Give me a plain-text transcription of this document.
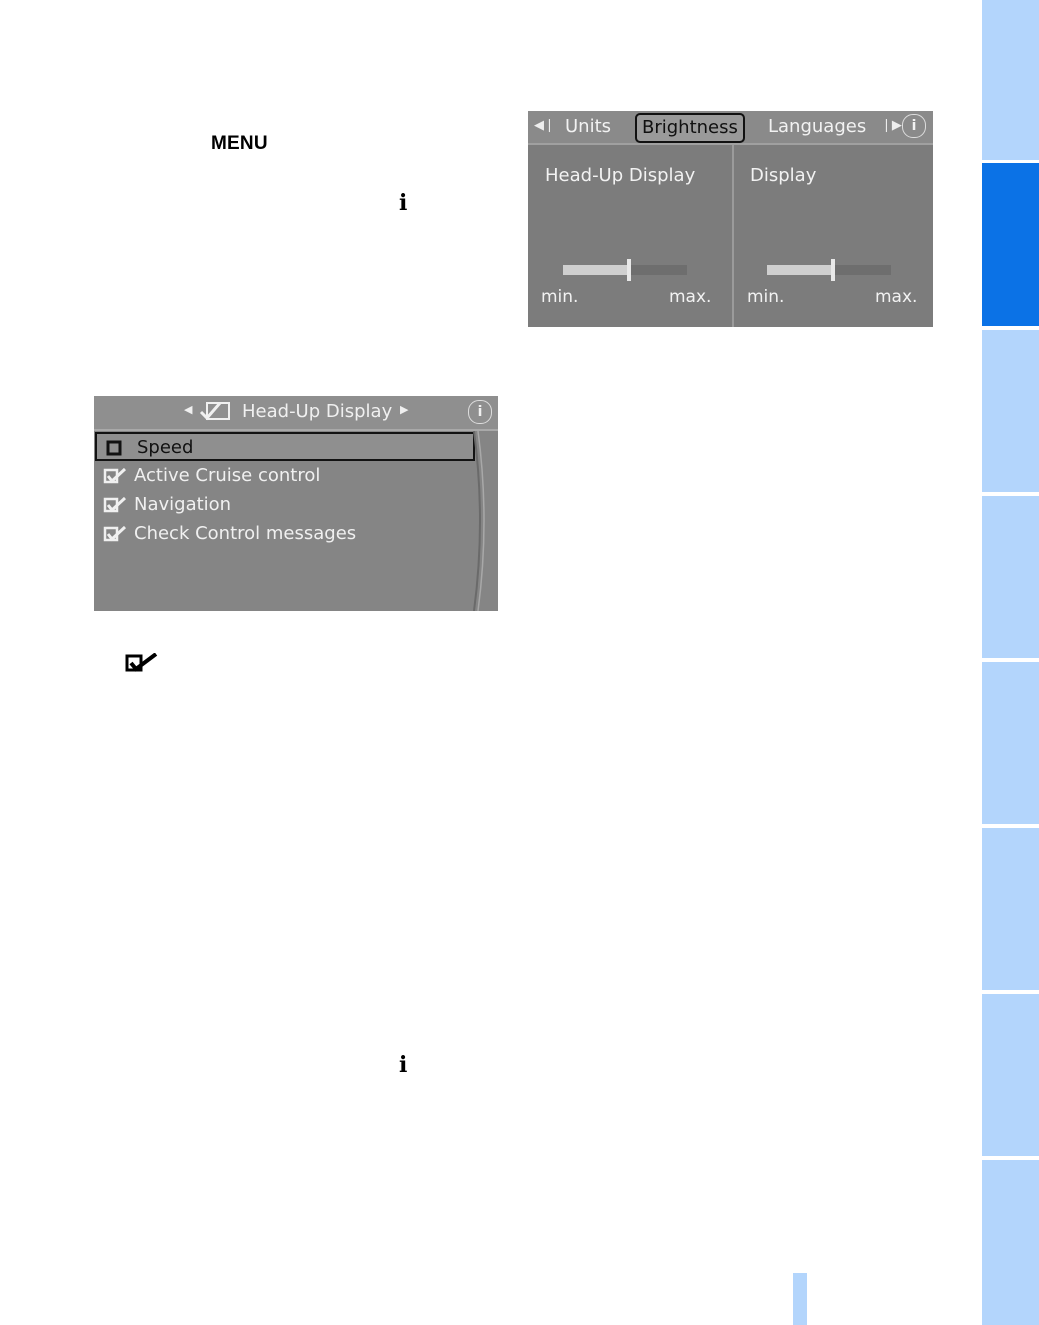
MENU
i
i
◀❘ Units	Brightness	Languages ❘▶ i
Head-Up Display
min.	max.
Display
min.	max.
◀	Head-Up Display ▶	i
Speed
Active Cruise control
Navigation
Check Control messages
